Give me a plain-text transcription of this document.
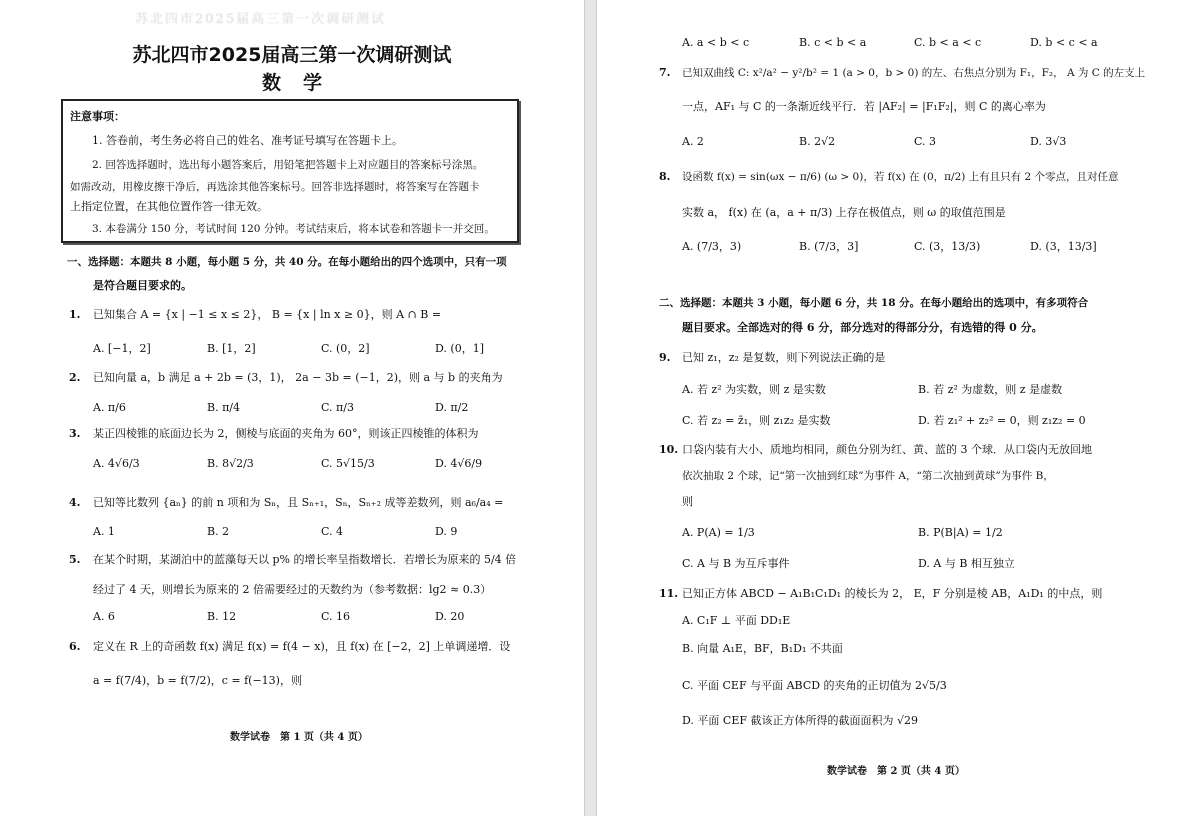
苏北四市2025届高三第一次调研测试
苏北四市2025届高三第一次调研测试
数学
注意事项：
1. 答卷前，考生务必将自己的姓名、准考证号填写在答题卡上。
2. 回答选择题时，选出每小题答案后，用铅笔把答题卡上对应题目的答案标号涂黑。
如需改动，用橡皮擦干净后，再选涂其他答案标号。回答非选择题时，将答案写在答题卡
上指定位置，在其他位置作答一律无效。
3. 本卷满分 150 分，考试时间 120 分钟。考试结束后，将本试卷和答题卡一并交回。
一、选择题：本题共 8 小题，每小题 5 分，共 40 分。在每小题给出的四个选项中，只有一项
是符合题目要求的。
1. 已知集合 A = {x | −1 ≤ x ≤ 2}， B = {x | ln x ≥ 0}，则 A ∩ B =
A. [−1，2]	B. [1，2]	C. (0，2]	D. (0，1]
2. 已知向量 a，b 满足 a + 2b = (3，1)， 2a − 3b = (−1，2)，则 a 与 b 的夹角为
A. π/6	B. π/4	C. π/3	D. π/2
3. 某正四棱锥的底面边长为 2，侧棱与底面的夹角为 60°，则该正四棱锥的体积为
A. 4√6/3	B. 8√2/3	C. 5√15/3	D. 4√6/9
4. 已知等比数列 {aₙ} 的前 n 项和为 Sₙ，且 Sₙ₊₁，Sₙ，Sₙ₊₂ 成等差数列，则 a₆/a₄ =
A. 1	B. 2	C. 4	D. 9
5. 在某个时期，某湖泊中的蓝藻每天以 p% 的增长率呈指数增长．若增长为原来的 5/4 倍
经过了 4 天，则增长为原来的 2 倍需要经过的天数约为（参考数据：lg2 ≈ 0.3）
A. 6	B. 12	C. 16	D. 20
6. 定义在 R 上的奇函数 f(x) 满足 f(x) = f(4 − x)，且 f(x) 在 [−2，2] 上单调递增．设
a = f(7/4)，b = f(7/2)，c = f(−13)，则
数学试卷　第 1 页（共 4 页）
A. a < b < c	B. c < b < a	C. b < a < c	D. b < c < a
7. 已知双曲线 C: x²/a² − y²/b² = 1 (a > 0，b > 0) 的左、右焦点分别为 F₁，F₂， A 为 C 的左支上
一点，AF₁ 与 C 的一条渐近线平行．若 |AF₂| = |F₁F₂|，则 C 的离心率为
A. 2	B. 2√2	C. 3	D. 3√3
8. 设函数 f(x) = sin(ωx − π/6) (ω > 0)，若 f(x) 在 (0，π/2) 上有且只有 2 个零点，且对任意
实数 a， f(x) 在 (a，a + π/3) 上存在极值点，则 ω 的取值范围是
A. (7/3，3)	B. (7/3，3]	C. (3，13/3)	D. (3，13/3]
二、选择题：本题共 3 小题，每小题 6 分，共 18 分。在每小题给出的选项中，有多项符合
题目要求。全部选对的得 6 分，部分选对的得部分分，有选错的得 0 分。
9. 已知 z₁，z₂ 是复数，则下列说法正确的是
A. 若 z² 为实数，则 z 是实数	B. 若 z² 为虚数，则 z 是虚数
C. 若 z₂ = z̄₁，则 z₁z₂ 是实数	D. 若 z₁² + z₂² = 0，则 z₁z₂ = 0
10. 口袋内装有大小、质地均相同，颜色分别为红、黄、蓝的 3 个球．从口袋内无放回地
依次抽取 2 个球，记“第一次抽到红球”为事件 A，“第二次抽到黄球”为事件 B，
则
A. P(A) = 1/3	B. P(B|A) = 1/2
C. A 与 B 为互斥事件	D. A 与 B 相互独立
11. 已知正方体 ABCD − A₁B₁C₁D₁ 的棱长为 2， E，F 分别是棱 AB，A₁D₁ 的中点，则
A. C₁F ⊥ 平面 DD₁E
B. 向量 A₁E，BF，B₁D₁ 不共面
C. 平面 CEF 与平面 ABCD 的夹角的正切值为 2√5/3
D. 平面 CEF 截该正方体所得的截面面积为 √29
数学试卷　第 2 页（共 4 页）
